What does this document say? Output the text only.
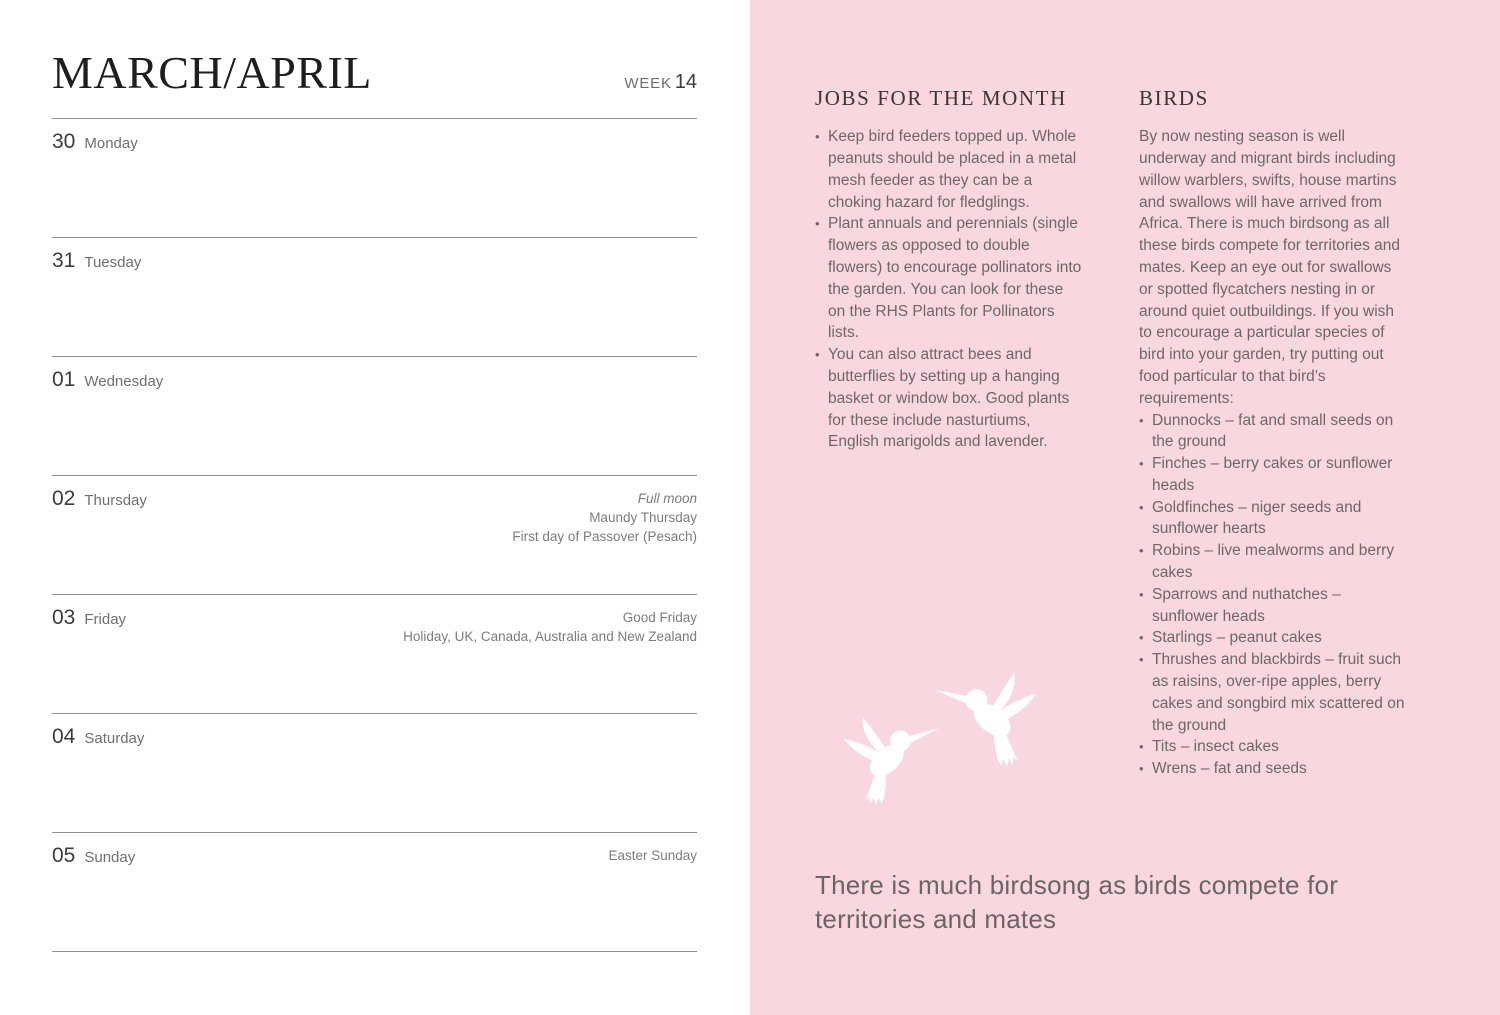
MARCH/APRIL	WEEK 14
30 Monday
31 Tuesday
01 Wednesday
02 Thursday	Full moon
Maundy Thursday
First day of Passover (Pesach)
03 Friday	Good Friday
Holiday, UK, Canada, Australia and New Zealand
04 Saturday
05 Sunday	Easter Sunday
JOBS FOR THE MONTH
• Keep bird feeders topped up. Whole peanuts should be placed in a metal mesh feeder as they can be a choking hazard for fledglings.
• Plant annuals and perennials (single flowers as opposed to double flowers) to encourage pollinators into the garden. You can look for these on the RHS Plants for Pollinators lists.
• You can also attract bees and butterflies by setting up a hanging basket or window box. Good plants for these include nasturtiums, English marigolds and lavender.
BIRDS

By now nesting season is well underway and migrant birds including willow warblers, swifts, house martins and swallows will have arrived from Africa. There is much birdsong as all these birds compete for territories and mates. Keep an eye out for swallows or spotted flycatchers nesting in or around quiet outbuildings. If you wish to encourage a particular species of bird into your garden, try putting out food particular to that bird’s requirements:

• Dunnocks – fat and small seeds on the ground
• Finches – berry cakes or sunflower heads
• Goldfinches – niger seeds and sunflower hearts
• Robins – live mealworms and berry cakes
• Sparrows and nuthatches – sunflower heads
• Starlings – peanut cakes
• Thrushes and blackbirds – fruit such as raisins, over-ripe apples, berry cakes and songbird mix scattered on the ground
• Tits – insect cakes
• Wrens – fat and seeds

There is much birdsong as birds compete for territories and mates
